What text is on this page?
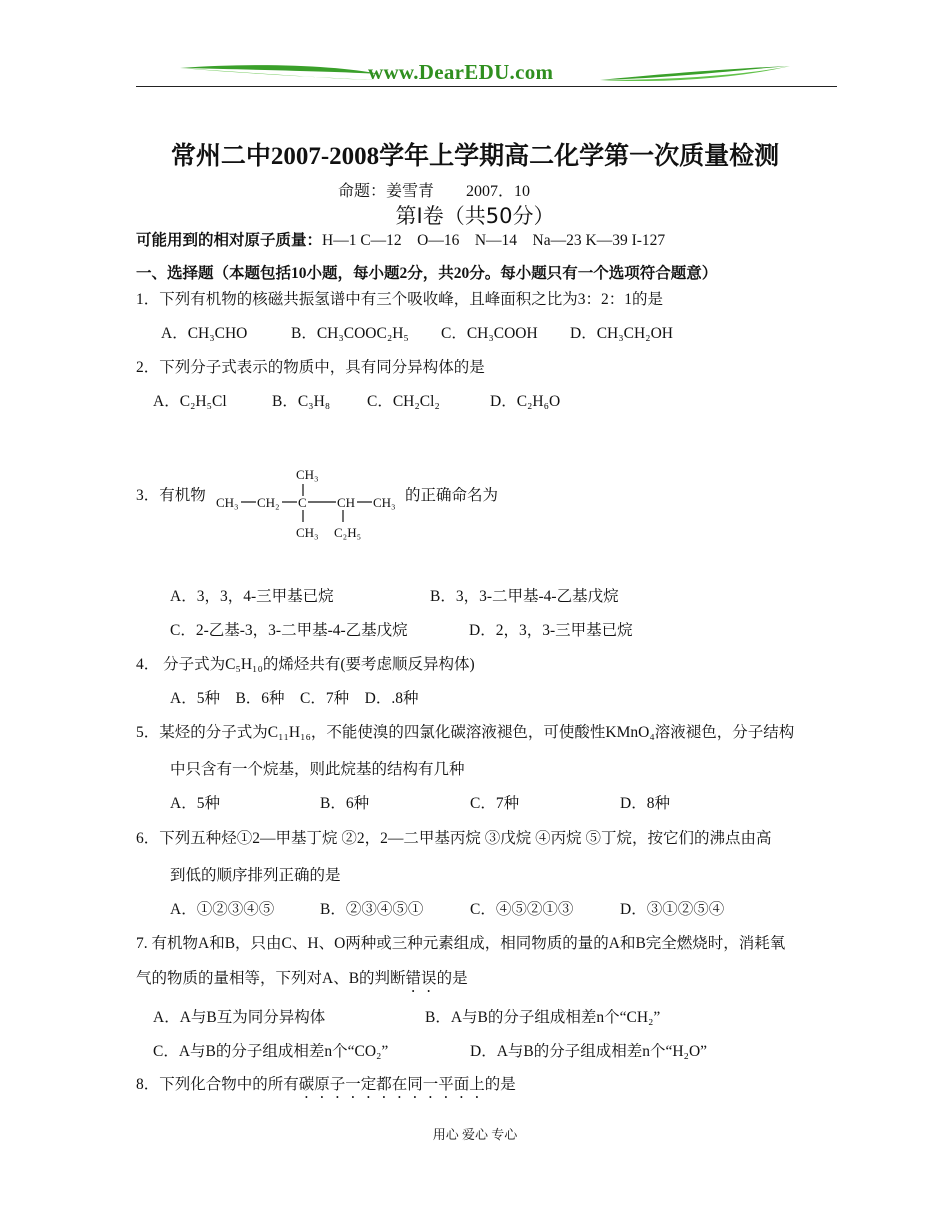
www.DearEDU.com
常州二中2007-2008学年上学期高二化学第一次质量检测
命题：姜雪青　　2007．10
第Ⅰ卷（共50分）
可能用到的相对原子质量：H—1 C—12　O—16　N—14　Na—23 K—39 I-127
一、选择题（本题包括10小题，每小题2分，共20分。每小题只有一个选项符合题意）
1．下列有机物的核磁共振氢谱中有三个吸收峰，且峰面积之比为3：2：1的是
A．CH₃CHO	B．CH₃COOC₂H₅ C．CH₃COOH D．CH₃CH₂OH
2．下列分子式表示的物质中，具有同分异构体的是
A．C₂H₅Cl	B．C₃H₈ C．CH₂Cl₂	D．C₂H₆O
3．有机物
CH₃
CH₃ CH₂ C CH CH₃
CH₃ C₂H₅
的正确命名为
A．3，3，4-三甲基已烷	B．3，3-二甲基-4-乙基戊烷
C．2-乙基-3，3-二甲基-4-乙基戊烷	D．2，3，3-三甲基已烷
4． 分子式为C₅H₁₀的烯烃共有(要考虑顺反异构体)
A．5种　B．6种　C．7种　D．.8种
5．某烃的分子式为C₁₁H₁₆，不能使溴的四氯化碳溶液褪色，可使酸性KMnO₄溶液褪色，分子结构
中只含有一个烷基，则此烷基的结构有几种
A．5种	B．6种	C．7种	D．8种
6．下列五种烃①2—甲基丁烷 ②2，2—二甲基丙烷 ③戊烷 ④丙烷 ⑤丁烷，按它们的沸点由高
到低的顺序排列正确的是
A．①②③④⑤	B．②③④⑤①	C．④⑤②①③	D．③①②⑤④
7. 有机物A和B，只由C、H、O两种或三种元素组成，相同物质的量的A和B完全燃烧时，消耗氧
气的物质的量相等，下列对A、B的判断错误的是
A．A与B互为同分异构体	B．A与B的分子组成相差n个“CH₂”
C．A与B的分子组成相差n个“CO₂”	D．A与B的分子组成相差n个“H₂O”
8．下列化合物中的所有碳原子一定都在同一平面上的是
用心 爱心 专心
